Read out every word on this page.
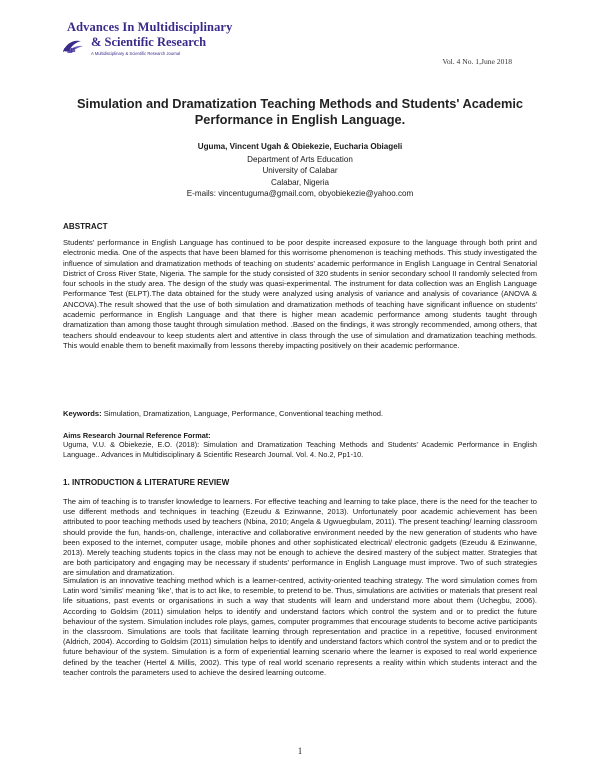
AIMS
Advances In Multidisciplinary
& Scientific Research
A Multidisciplinary & Scientific Research Journal
Vol. 4 No. 1,June 2018
Simulation and Dramatization Teaching Methods and Students' Academic Performance in English Language.
Uguma, Vincent Ugah & Obiekezie, Eucharia Obiageli
Department of Arts Education
University of Calabar
Calabar, Nigeria
E-mails: vincentuguma@gmail.com, obyobiekezie@yahoo.com
ABSTRACT
Students' performance in English Language has continued to be poor despite increased exposure to the language through both print and electronic media. One of the aspects that have been blamed for this worrisome phenomenon is teaching methods. This study investigated the influence of simulation and dramatization methods of teaching on students' academic performance in English Language in Central Senatorial District of Cross River State, Nigeria. The sample for the study consisted of 320 students in senior secondary school II randomly selected from four schools in the study area. The design of the study was quasi-experimental. The instrument for data collection was an English Language Performance Test (ELPT).The data obtained for the study were analyzed using analysis of variance and analysis of covariance (ANOVA & ANCOVA).The result showed that the use of both simulation and dramatization methods of teaching have significant influence on students' academic performance in English Language and that there is higher mean academic performance among students taught through dramatization than among those taught through simulation method. .Based on the findings, it was strongly recommended, among others, that teachers should endeavour to keep students alert and attentive in class through the use of simulation and dramatization teaching methods. This would enable them to benefit maximally from lessons thereby impacting positively on their academic performance.
Keywords: Simulation, Dramatization, Language, Performance, Conventional teaching method.
Aims Research Journal Reference Format:
Uguma, V.U. & Obiekezie, E.O. (2018): Simulation and Dramatization Teaching Methods and Students' Academic Performance in English Language.. Advances in Multidisciplinary & Scientific Research Journal. Vol. 4. No.2, Pp1-10.
1. INTRODUCTION & LITERATURE REVIEW
The aim of teaching is to transfer knowledge to learners. For effective teaching and learning to take place, there is the need for the teacher to use different methods and techniques in teaching (Ezeudu & Ezinwanne, 2013). Unfortunately poor academic achievement has been attributed to poor teaching methods used by teachers (Nbina, 2010; Angela & Ugwuegbulam, 2011). The present teaching/ learning classroom should provide the fun, hands-on, challenge, interactive and collaborative environment needed by the new generation of students who have been exposed to the internet, computer usage, mobile phones and other sophisticated electrical/ electronic gadgets (Ezeudu & Ezinwanne, 2013). Merely teaching students topics in the class may not be enough to achieve the desired mastery of the subject matter. Strategies that are both participatory and engaging may be necessary if students' performance in English Language must improve. Two of such strategies are simulation and dramatization.
Simulation is an innovative teaching method which is a learner-centred, activity-oriented teaching strategy. The word simulation comes from Latin word 'similis' meaning 'like', that is to act like, to resemble, to pretend to be. Thus, simulations are activities or materials that present real life situations, past events or organisations in such a way that students will learn and understand more about them (Uchegbu, 2006). According to Goldsim (2011) simulation helps to identify and understand factors which control the system and or to predict the future behaviour of the system. Simulation includes role plays, games, computer programmes that encourage students to become active participants in the classroom. Simulations are tools that facilitate learning through representation and practice in a repetitive, focused environment (Aldrich, 2004). According to Goldsim (2011) simulation helps to identify and understand factors which control the system and or to predict the future behaviour of the system. Simulation is a form of experiential learning scenario where the learner is exposed to real world experience defined by the teacher (Hertel & Millis, 2002). This type of real world scenario represents a reality within which students interact and the teacher controls the parameters used to achieve the desired learning outcome.
1
